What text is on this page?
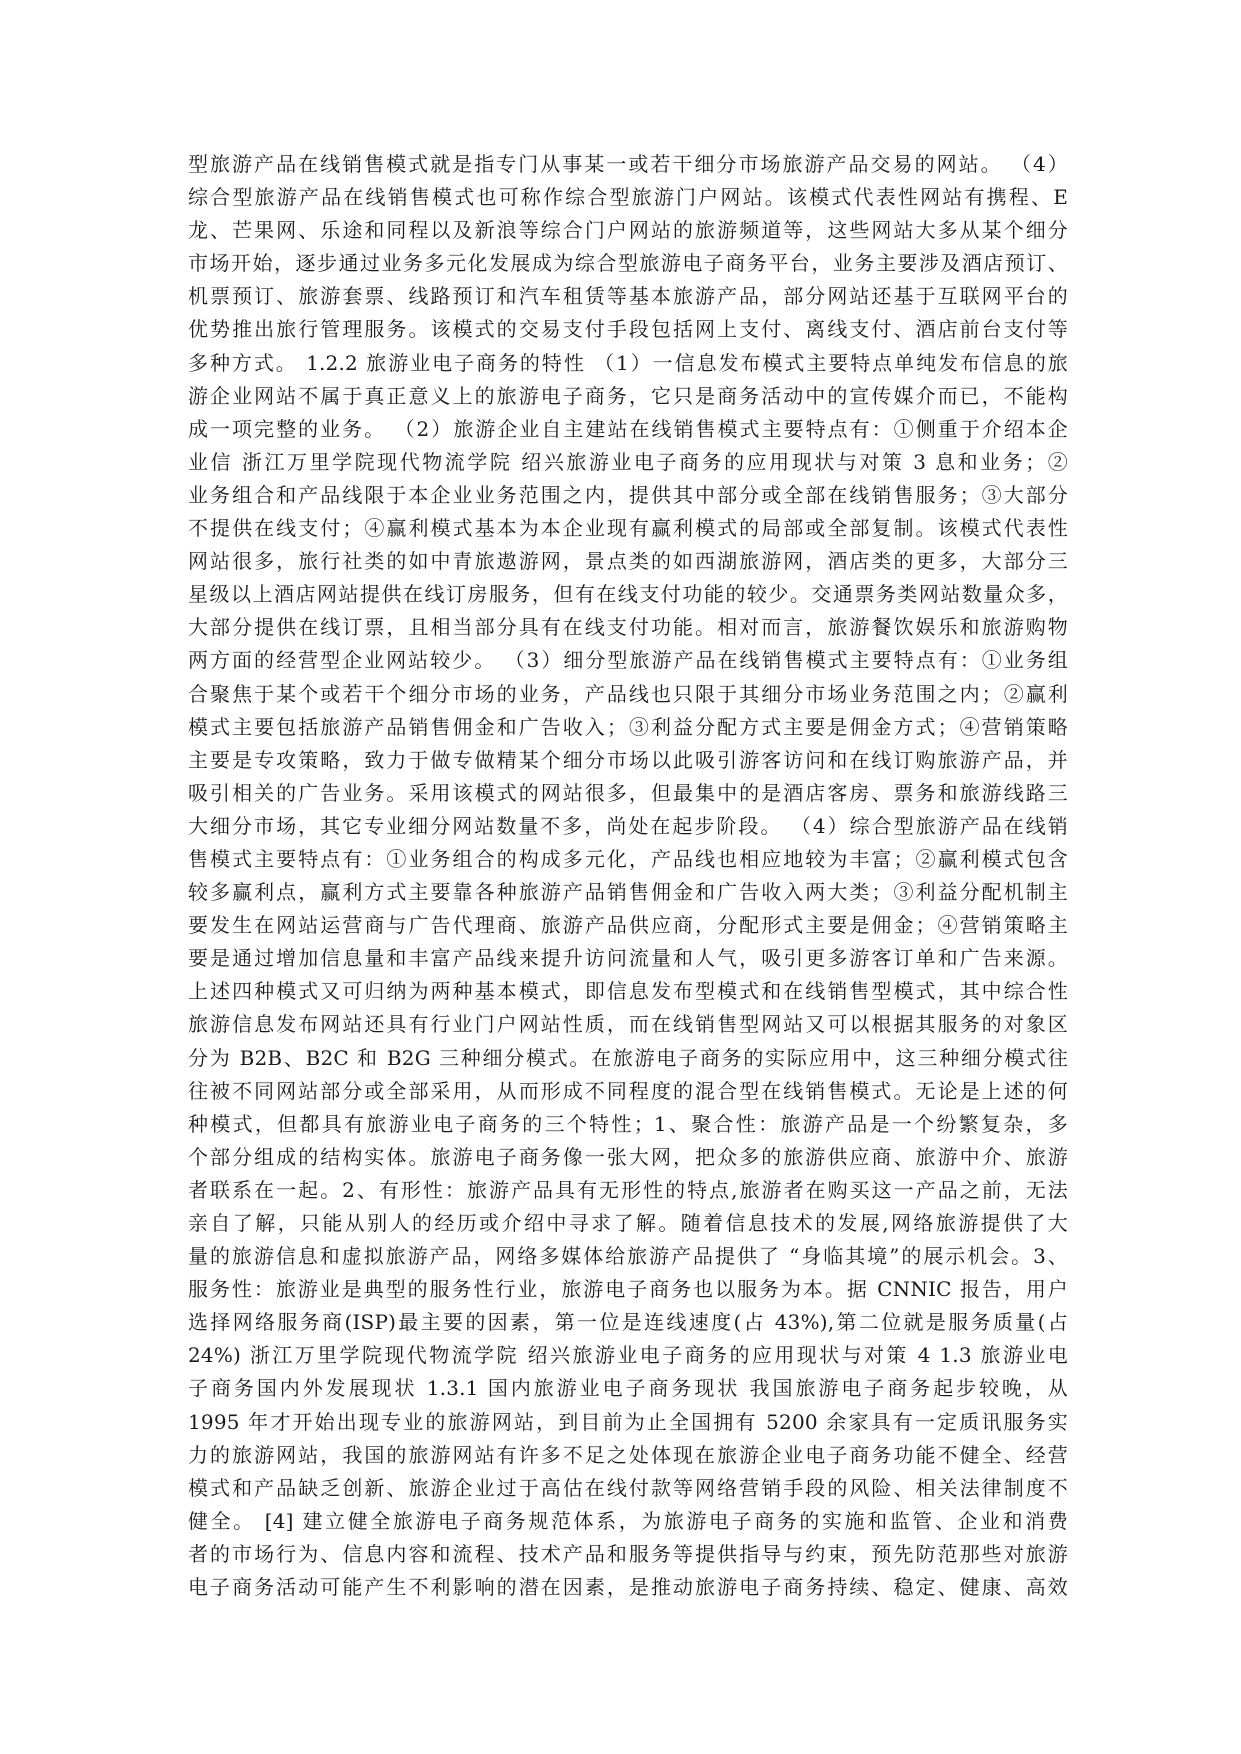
型旅游产品在线销售模式就是指专门从事某一或若干细分市场旅游产品交易的网站。 （4）
综合型旅游产品在线销售模式也可称作综合型旅游门户网站。该模式代表性网站有携程、E
龙、芒果网、乐途和同程以及新浪等综合门户网站的旅游频道等，这些网站大多从某个细分
市场开始，逐步通过业务多元化发展成为综合型旅游电子商务平台，业务主要涉及酒店预订、
机票预订、旅游套票、线路预订和汽车租赁等基本旅游产品，部分网站还基于互联网平台的
优势推出旅行管理服务。该模式的交易支付手段包括网上支付、离线支付、酒店前台支付等
多种方式。 1.2.2 旅游业电子商务的特性 （1）一信息发布模式主要特点单纯发布信息的旅
游企业网站不属于真正意义上的旅游电子商务，它只是商务活动中的宣传媒介而已，不能构
成一项完整的业务。 （2）旅游企业自主建站在线销售模式主要特点有：①侧重于介绍本企
业信 浙江万里学院现代物流学院 绍兴旅游业电子商务的应用现状与对策 3 息和业务；②
业务组合和产品线限于本企业业务范围之内，提供其中部分或全部在线销售服务；③大部分
不提供在线支付；④赢利模式基本为本企业现有赢利模式的局部或全部复制。该模式代表性
网站很多，旅行社类的如中青旅遨游网，景点类的如西湖旅游网，酒店类的更多，大部分三
星级以上酒店网站提供在线订房服务，但有在线支付功能的较少。交通票务类网站数量众多，
大部分提供在线订票，且相当部分具有在线支付功能。相对而言，旅游餐饮娱乐和旅游购物
两方面的经营型企业网站较少。 （3）细分型旅游产品在线销售模式主要特点有：①业务组
合聚焦于某个或若干个细分市场的业务，产品线也只限于其细分市场业务范围之内；②赢利
模式主要包括旅游产品销售佣金和广告收入；③利益分配方式主要是佣金方式；④营销策略
主要是专攻策略，致力于做专做精某个细分市场以此吸引游客访问和在线订购旅游产品，并
吸引相关的广告业务。采用该模式的网站很多，但最集中的是酒店客房、票务和旅游线路三
大细分市场，其它专业细分网站数量不多，尚处在起步阶段。 （4）综合型旅游产品在线销
售模式主要特点有：①业务组合的构成多元化，产品线也相应地较为丰富；②赢利模式包含
较多赢利点，赢利方式主要靠各种旅游产品销售佣金和广告收入两大类；③利益分配机制主
要发生在网站运营商与广告代理商、旅游产品供应商，分配形式主要是佣金；④营销策略主
要是通过增加信息量和丰富产品线来提升访问流量和人气，吸引更多游客订单和广告来源。
上述四种模式又可归纳为两种基本模式，即信息发布型模式和在线销售型模式，其中综合性
旅游信息发布网站还具有行业门户网站性质，而在线销售型网站又可以根据其服务的对象区
分为 B2B、B2C 和 B2G 三种细分模式。在旅游电子商务的实际应用中，这三种细分模式往
往被不同网站部分或全部采用，从而形成不同程度的混合型在线销售模式。无论是上述的何
种模式，但都具有旅游业电子商务的三个特性；1、聚合性：旅游产品是一个纷繁复杂，多
个部分组成的结构实体。旅游电子商务像一张大网，把众多的旅游供应商、旅游中介、旅游
者联系在一起。2、有形性：旅游产品具有无形性的特点,旅游者在购买这一产品之前，无法
亲自了解，只能从别人的经历或介绍中寻求了解。随着信息技术的发展,网络旅游提供了大
量的旅游信息和虚拟旅游产品，网络多媒体给旅游产品提供了 “身临其境”的展示机会。3、
服务性：旅游业是典型的服务性行业，旅游电子商务也以服务为本。据 CNNIC 报告，用户
选择网络服务商(ISP)最主要的因素，第一位是连线速度(占 43%),第二位就是服务质量(占
24%) 浙江万里学院现代物流学院 绍兴旅游业电子商务的应用现状与对策 4 1.3 旅游业电
子商务国内外发展现状 1.3.1 国内旅游业电子商务现状 我国旅游电子商务起步较晚，从
1995 年才开始出现专业的旅游网站，到目前为止全国拥有 5200 余家具有一定质讯服务实
力的旅游网站，我国的旅游网站有许多不足之处体现在旅游企业电子商务功能不健全、经营
模式和产品缺乏创新、旅游企业过于高估在线付款等网络营销手段的风险、相关法律制度不
健全。 [4] 建立健全旅游电子商务规范体系，为旅游电子商务的实施和监管、企业和消费
者的市场行为、信息内容和流程、技术产品和服务等提供指导与约束，预先防范那些对旅游
电子商务活动可能产生不利影响的潜在因素，是推动旅游电子商务持续、稳定、健康、高效
